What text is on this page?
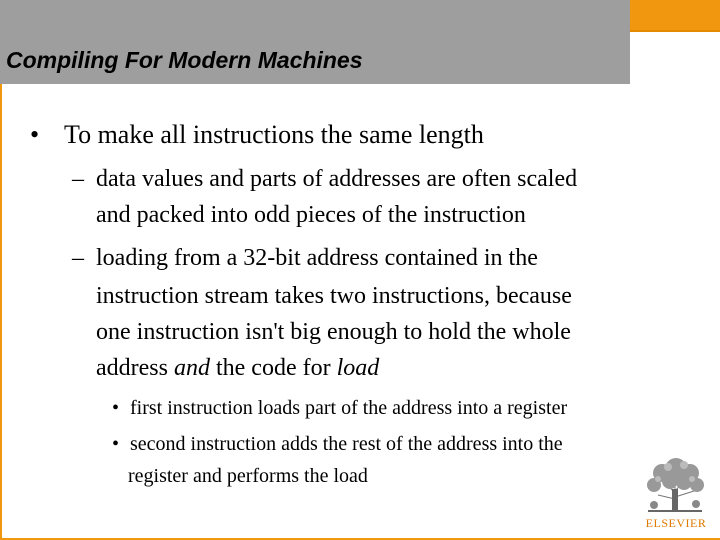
Compiling For Modern Machines
• To make all instructions the same length
– data values and parts of addresses are often scaled
and packed into odd pieces of the instruction
– loading from a 32-bit address contained in the
instruction stream takes two instructions, because
one instruction isn't big enough to hold the whole
address and the code for load
• first instruction loads part of the address into a register
• second instruction adds the rest of the address into the
register and performs the load
ELSEVIER
